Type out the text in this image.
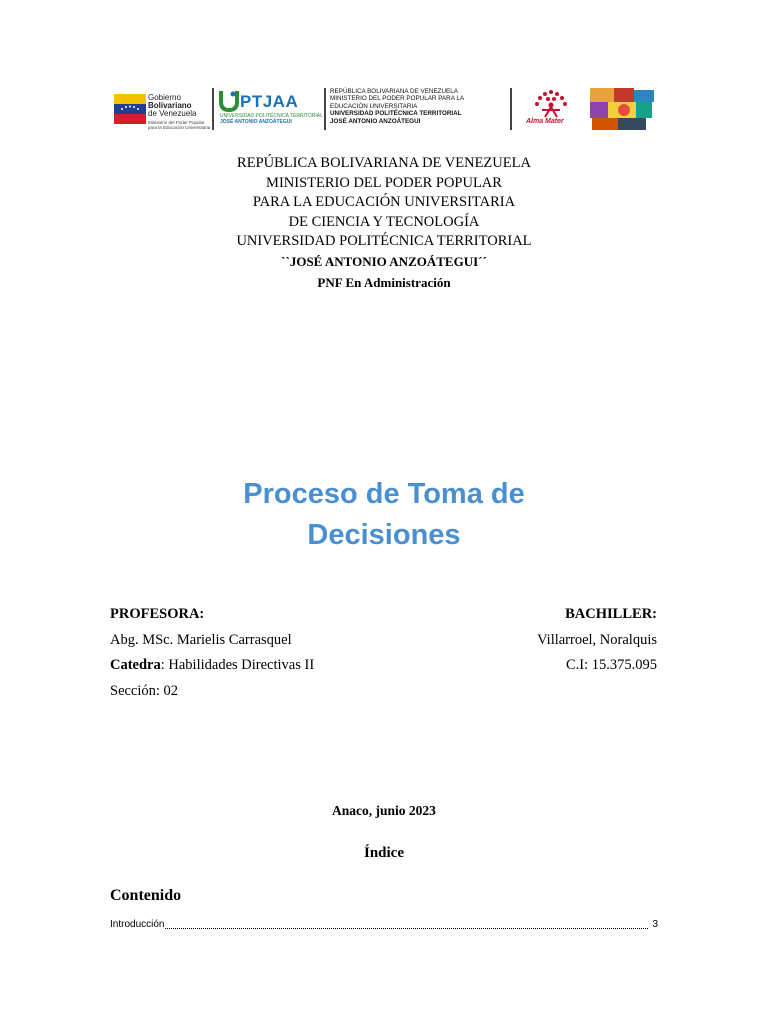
Gobierno
Bolivariano
de Venezuela
Ministerio del Poder Popular
para la Educación Universitaria
PTJAA
UNIVERSIDAD POLITÉCNICA TERRITORIAL
JOSÉ ANTONIO ANZOÁTEGUI
REPÚBLICA BOLIVARIANA DE VENEZUELA
MINISTERIO DEL PODER POPULAR PARA LA
EDUCACIÓN UNIVERSITARIA
UNIVERSIDAD POLITÉCNICA TERRITORIAL
JOSÉ ANTONIO ANZOÁTEGUI	Alma Mater
REPÚBLICA BOLIVARIANA DE VENEZUELA
MINISTERIO DEL PODER POPULAR
PARA LA EDUCACIÓN UNIVERSITARIA
DE CIENCIA Y TECNOLOGÍA
UNIVERSIDAD POLITÉCNICA TERRITORIAL
``JOSÉ ANTONIO ANZOÁTEGUI´´
PNF En Administración
Proceso de Toma de
Decisiones
PROFESORA:
Abg. MSc. Marielis Carrasquel
Catedra: Habilidades Directivas II
Sección: 02
BACHILLER:
Villarroel, Noralquis
C.I: 15.375.095
Anaco, junio 2023
Índice
Contenido
Introducción	3
